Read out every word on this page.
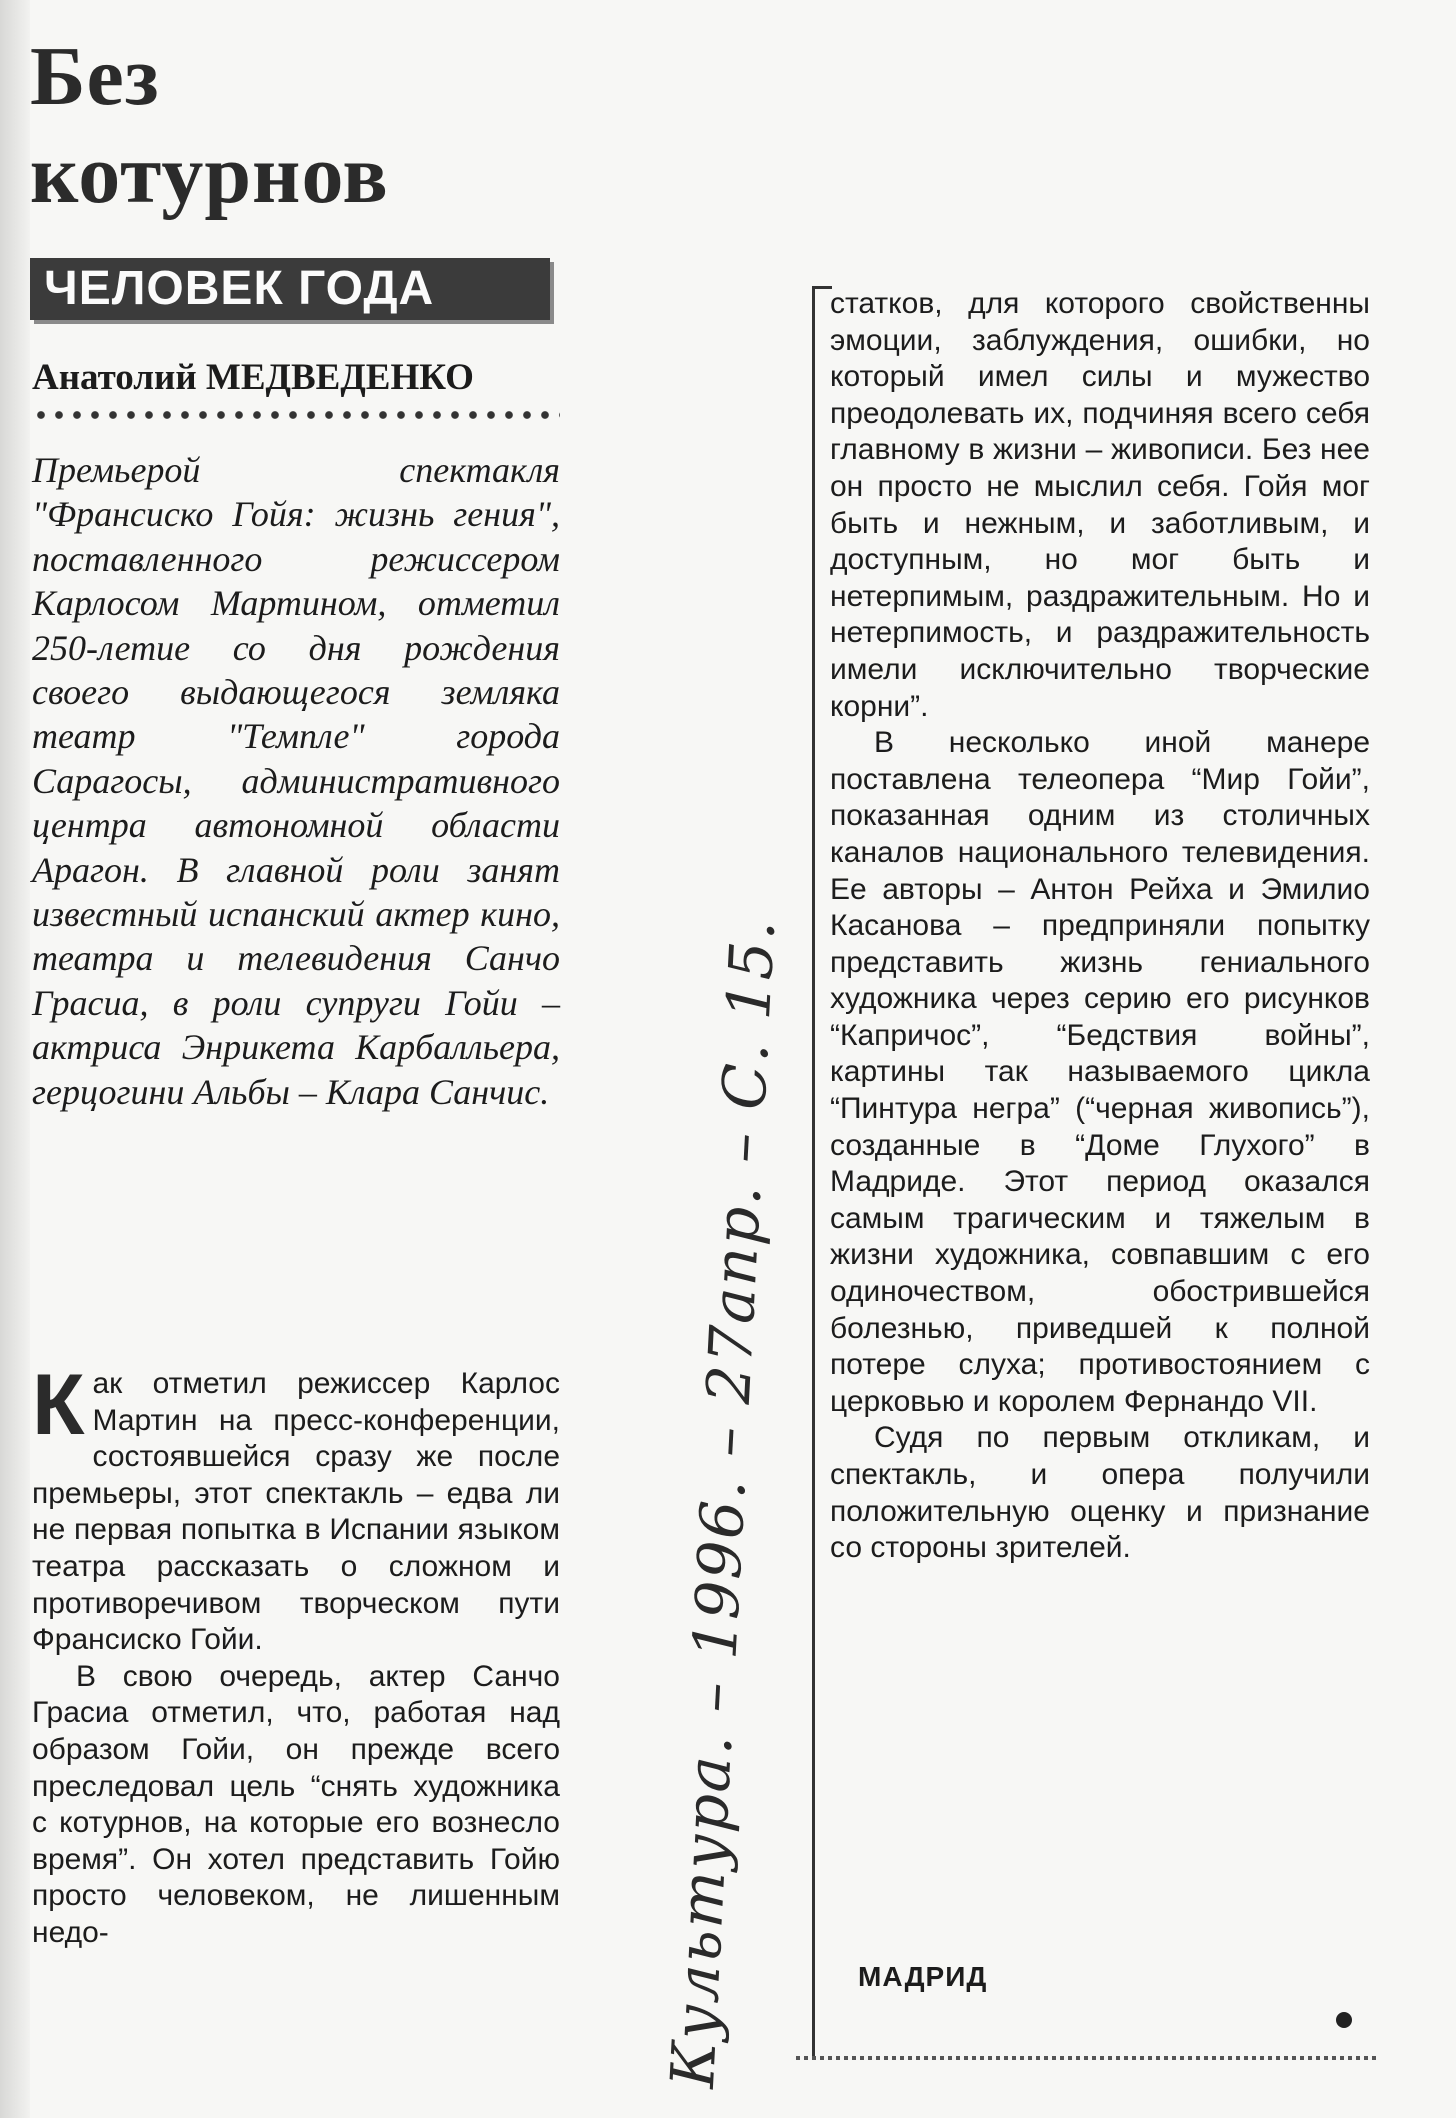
Без
котурнов
ЧЕЛОВЕК ГОДА
Анатолий МЕДВЕДЕНКО

Премьерой спектакля "Франсиско Гойя: жизнь гения", поставленного режиссером Карлосом Мартином, отметил 250-летие со дня рождения своего выдающегося земляка театр "Темпле" города Сарагосы, административного центра автономной области Арагон. В главной роли занят известный испанский актер кино, театра и телевидения Санчо Грасиа, в роли супруги Гойи – актриса Энрикета Карбалльера, герцогини Альбы – Клара Санчис.

Как отметил режиссер Карлос Мартин на пресс-конференции, состоявшейся сразу же после премьеры, этот спектакль – едва ли не первая попытка в Испании языком театра рассказать о сложном и противоречивом творческом пути Франсиско Гойи.

В свою очередь, актер Санчо Грасиа отметил, что, работая над образом Гойи, он прежде всего преследовал цель “снять художника с котурнов, на которые его вознесло время”. Он хотел представить Гойю просто человеком, не лишенным недо-

статков, для которого свойственны эмоции, заблуждения, ошибки, но который имел силы и мужество преодолевать их, подчиняя всего себя главному в жизни – живописи. Без нее он просто не мыслил себя. Гойя мог быть и нежным, и заботливым, и доступным, но мог быть и нетерпимым, раздражительным. Но и нетерпимость, и раздражительность имели исключительно творческие корни”.

В несколько иной манере поставлена телеопера “Мир Гойи”, показанная одним из столичных каналов национального телевидения. Ее авторы – Антон Рейха и Эмилио Касанова – предприняли попытку представить жизнь гениального художника через серию его рисунков “Капричос”, “Бедствия войны”, картины так называемого цикла “Пинтура негра” (“черная живопись”), созданные в “Доме Глухого” в Мадриде. Этот период оказался самым трагическим и тяжелым в жизни художника, совпавшим с его одиночеством, обострившейся болезнью, приведшей к полной потере слуха; противостоянием с церковью и королем Фернандо VII.

Судя по первым откликам, и спектакль, и опера получили положительную оценку и признание со стороны зрителей.

МАДРИД
Культура. – 1996. – 27апр. – С. 15.
